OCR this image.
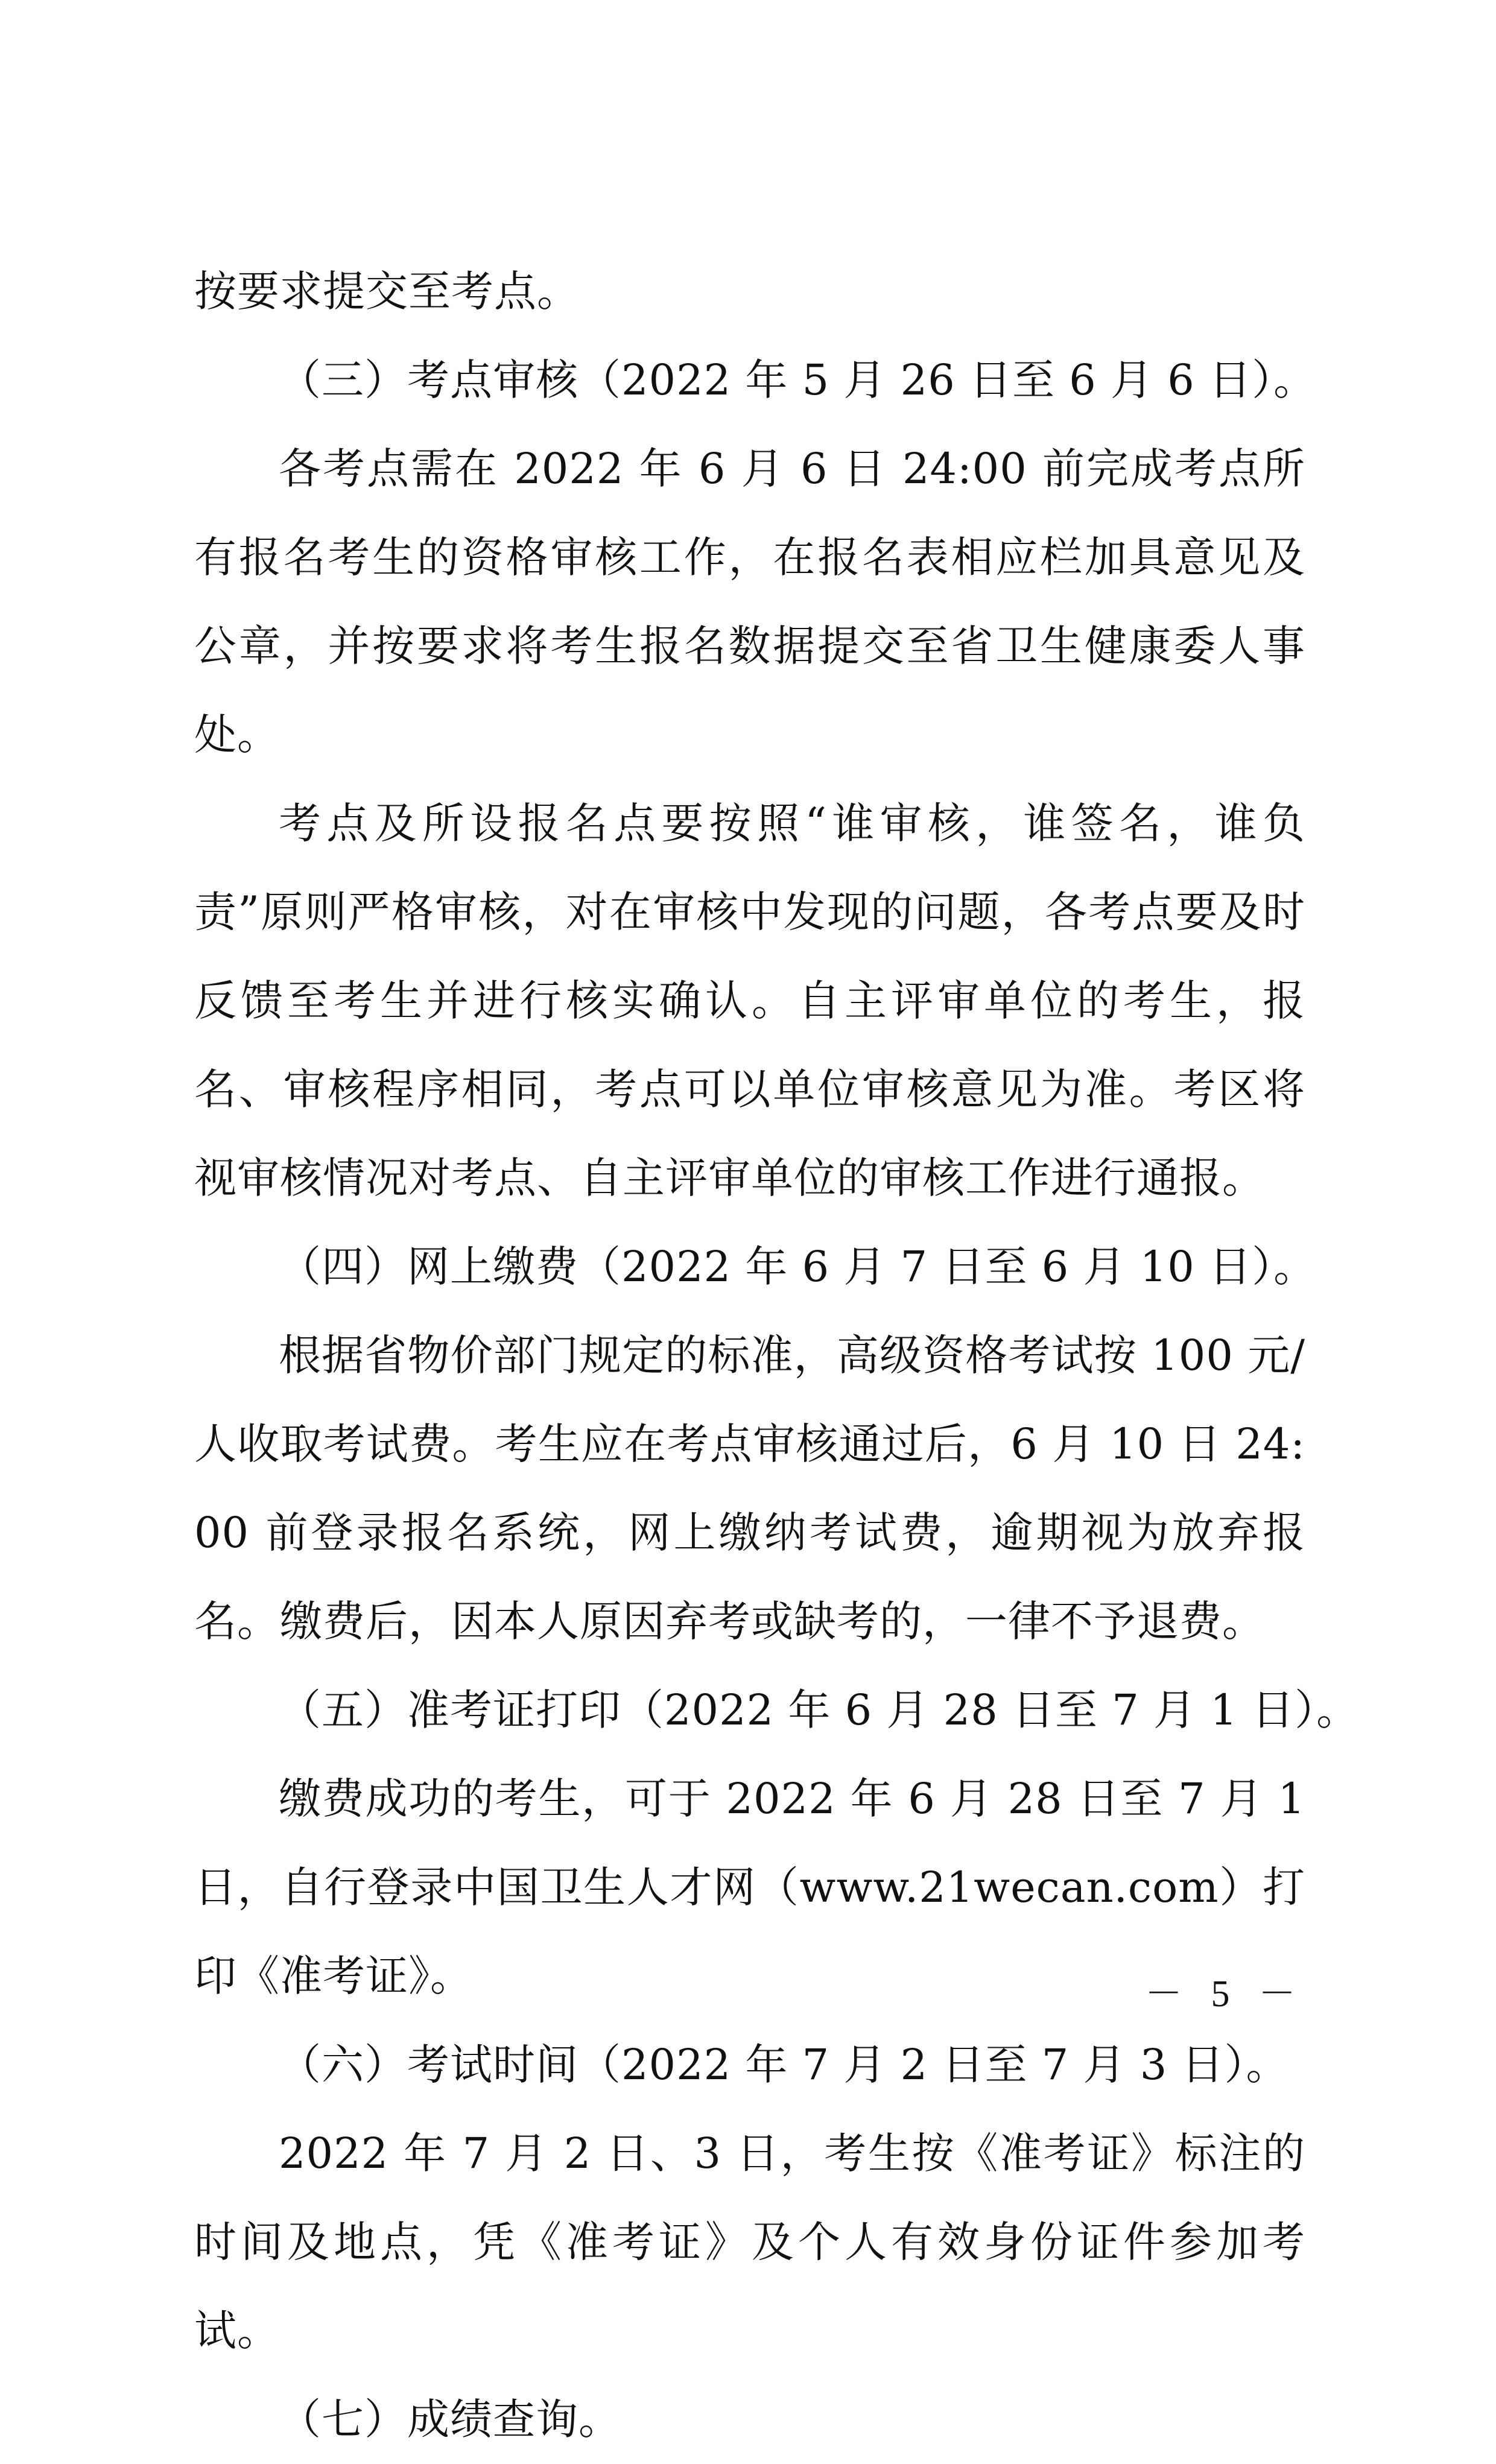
按要求提交至考点。

（三）考点审核（2022 年 5 月 26 日至 6 月 6 日）。

各考点需在 2022 年 6 月 6 日 24:00 前完成考点所有报名考生的资格审核工作，在报名表相应栏加具意见及公章，并按要求将考生报名数据提交至省卫生健康委人事处。

考点及所设报名点要按照“谁审核，谁签名，谁负责”原则严格审核，对在审核中发现的问题，各考点要及时反馈至考生并进行核实确认。自主评审单位的考生，报名、审核程序相同，考点可以单位审核意见为准。考区将视审核情况对考点、自主评审单位的审核工作进行通报。

（四）网上缴费（2022 年 6 月 7 日至 6 月 10 日）。

根据省物价部门规定的标准，高级资格考试按 100 元/人收取考试费。考生应在考点审核通过后，6 月 10 日 24: 00 前登录报名系统，网上缴纳考试费，逾期视为放弃报名。缴费后，因本人原因弃考或缺考的，一律不予退费。

（五）准考证打印（2022 年 6 月 28 日至 7 月 1 日）。

缴费成功的考生，可于 2022 年 6 月 28 日至 7 月 1 日，自行登录中国卫生人才网（www.21wecan.com）打印《准考证》。

（六）考试时间（2022 年 7 月 2 日至 7 月 3 日）。

2022 年 7 月 2 日、3 日，考生按《准考证》标注的时间及地点，凭《准考证》及个人有效身份证件参加考试。

（七）成绩查询。

－ 5 －
